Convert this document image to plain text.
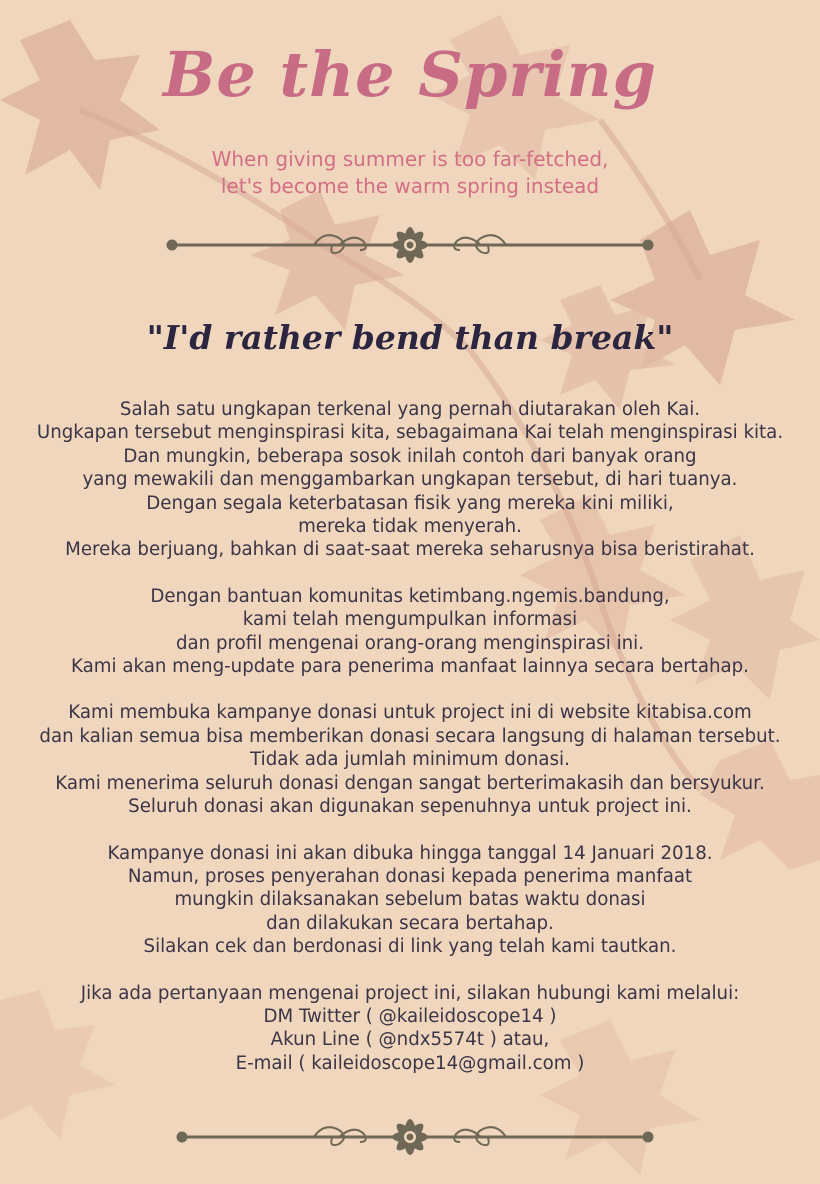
Be the Spring
When giving summer is too far-fetched,
let's become the warm spring instead
"I'd rather bend than break"
Salah satu ungkapan terkenal yang pernah diutarakan oleh Kai.
Ungkapan tersebut menginspirasi kita, sebagaimana Kai telah menginspirasi kita.
Dan mungkin, beberapa sosok inilah contoh dari banyak orang
yang mewakili dan menggambarkan ungkapan tersebut, di hari tuanya.
Dengan segala keterbatasan fisik yang mereka kini miliki,
mereka tidak menyerah.
Mereka berjuang, bahkan di saat-saat mereka seharusnya bisa beristirahat.
Dengan bantuan komunitas ketimbang.ngemis.bandung,
kami telah mengumpulkan informasi
dan profil mengenai orang-orang menginspirasi ini.
Kami akan meng-update para penerima manfaat lainnya secara bertahap.
Kami membuka kampanye donasi untuk project ini di website kitabisa.com
dan kalian semua bisa memberikan donasi secara langsung di halaman tersebut.
Tidak ada jumlah minimum donasi.
Kami menerima seluruh donasi dengan sangat berterimakasih dan bersyukur.
Seluruh donasi akan digunakan sepenuhnya untuk project ini.
Kampanye donasi ini akan dibuka hingga tanggal 14 Januari 2018.
Namun, proses penyerahan donasi kepada penerima manfaat
mungkin dilaksanakan sebelum batas waktu donasi
dan dilakukan secara bertahap.
Silakan cek dan berdonasi di link yang telah kami tautkan.
Jika ada pertanyaan mengenai project ini, silakan hubungi kami melalui:
DM Twitter ( @kaileidoscope14 )
Akun Line ( @ndx5574t ) atau,
E-mail ( kaileidoscope14@gmail.com )
